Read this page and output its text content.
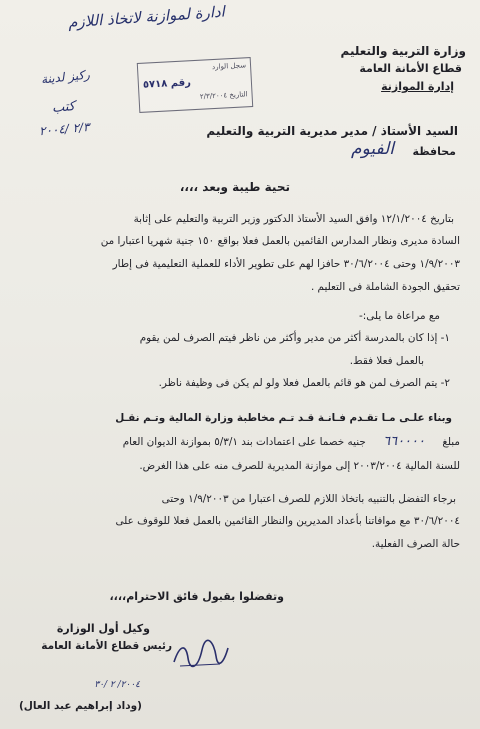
ادارة لموازنة لاتخاذ اللازم
ركيز لدينة
كتب
٢/٣ /٢٠٠٤
سجل الوارد
رقم ٥٧١٨
التاريخ ٢/٣/٢٠٠٤
وزارة التربية والتعليم
قطاع الأمانة العامة
إدارة الموازنة
السيد الأستاذ / مدير مديرية التربية والتعليم
محافظة
الفيوم
تحية طيبة وبعد ،،،،
بتاريخ ١٢/١/٢٠٠٤ وافق السيد الأستاذ الدكتور وزير التربية والتعليم على إثابة
السادة مديرى ونظار المدارس القائمين بالعمل فعلا بواقع ١٥٠ جنية شهريا اعتبارا من
١/٩/٢٠٠٣ وحتى ٣٠/٦/٢٠٠٤ حافزا لهم على تطوير الأداء للعملية التعليمية فى إطار
تحقيق الجودة الشاملة فى التعليم .
مع مراعاة ما يلى:-
١- إذا كان بالمدرسة أكثر من مدير وأكثر من ناظر فيتم الصرف لمن يقوم
بالعمل فعلا فقط.
٢- يتم الصرف لمن هو قائم بالعمل فعلا ولو لم يكن فى وظيفة ناظر.
وبناء علـى مـا تقـدم فـانـة قـد تـم مخاطبة وزارة المالية وتـم نقـل
مبلغ ٦٦٠٠٠٠ جنيه خصما على اعتمادات بند ٥/٣/١ بموازنة الديوان العام
للسنة المالية ٢٠٠٣/٢٠٠٤ إلى موازنة المديرية للصرف منه على هذا الغرض.
برجاء التفضل بالتنبيه باتخاذ اللازم للصرف اعتبارا من ١/٩/٢٠٠٣ وحتى
٣٠/٦/٢٠٠٤ مع موافاتنا بأعداد المديرين والنظار القائمين بالعمل فعلا للوقوف على
حالة الصرف الفعلية.
وتفضلوا بقبول فائق الاحترام،،،،
وكيل أول الوزارة
رئيس قطاع الأمانة العامة
٢٠٠٤/ ٢ /٣٠
(وداد إبراهيم عبد العال)
